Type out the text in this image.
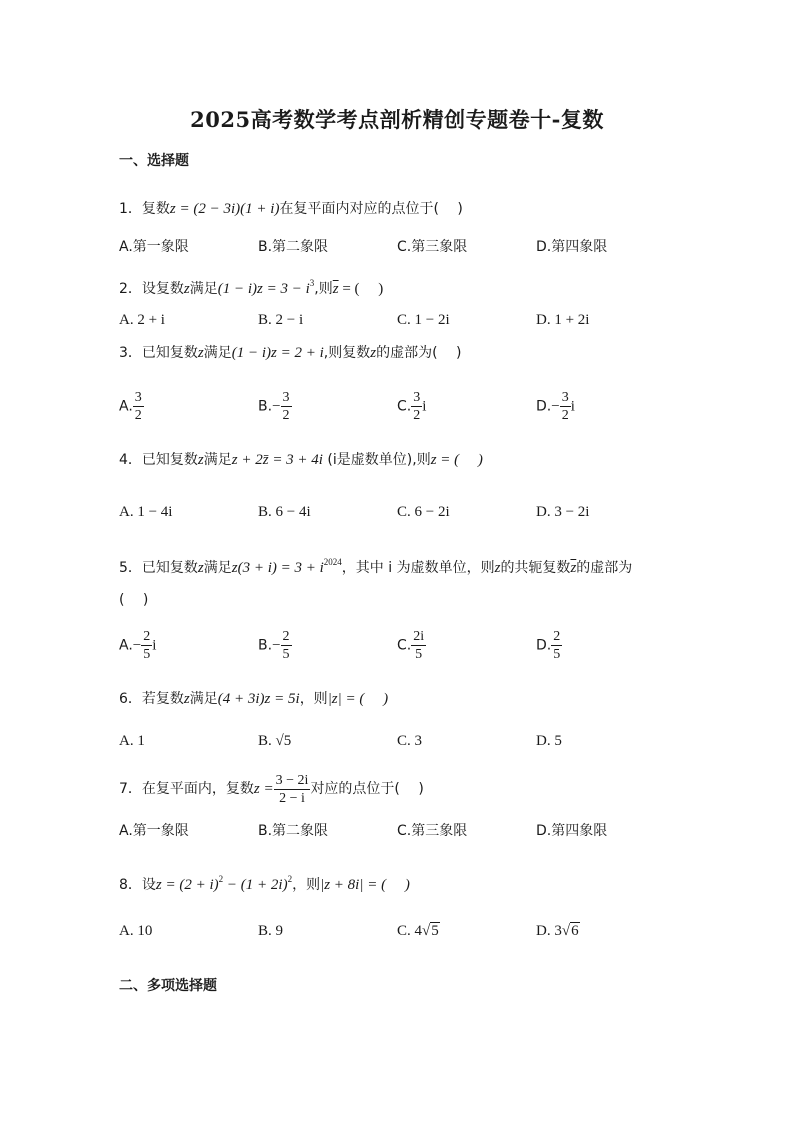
2025高考数学考点剖析精创专题卷十-复数
一、选择题
1．复数z = (2 − 3i)(1 + i)在复平面内对应的点位于(　 )
A.第一象限	B.第二象限	C.第三象限	D.第四象限
2．设复数z满足$(1 - i)z = 3 - i^3$,则$\overline{z}$ = (　 )
A. 2 + i	B. 2 − i	C. 1 − 2i	D. 1 + 2i
3．已知复数z满足(1 − i)z = 2 + i,则复数z的虚部为(　 )
A. $\frac{3}{2}$	$B.- \frac{3}{2}$	C. $\frac{3}{2}$ i	$D.- \frac{3}{2}$ i
4．已知复数z满足z + 2z̄ = 3 + 4i (i是虚数单位),则z = (　 )
A. 1 − 4i	B. 6 − 4i	C. 6 − 2i	D. 3 − 2i
5．已知复数z满足$z(3 + i) = 3 + i^{2024}$，其中 i 为虚数单位，则z的共轭复数$\overline{z}$的虚部为
(　 )
$A.- \frac{2}{5}$ i	$B.- \frac{2}{5}$	C. $\frac{2i}{5}$	D. $\frac{2}{5}$
6．若复数z满足(4 + 3i)z = 5i，则|z| = (　 )
A. 1	B. √5	C. 3	D. 5
7．在复平面内，复数$z = \frac{3 - 2i}{2 - i}$ 对应的点位于(　 )
A.第一象限	B.第二象限	C.第三象限	D.第四象限
8．设$z = (2 + i)^2 - (1 + 2i)^2$，则|z + 8i| = (　 )
A. 10	B. 9	C. 4√5	D. 3√6
二、多项选择题
